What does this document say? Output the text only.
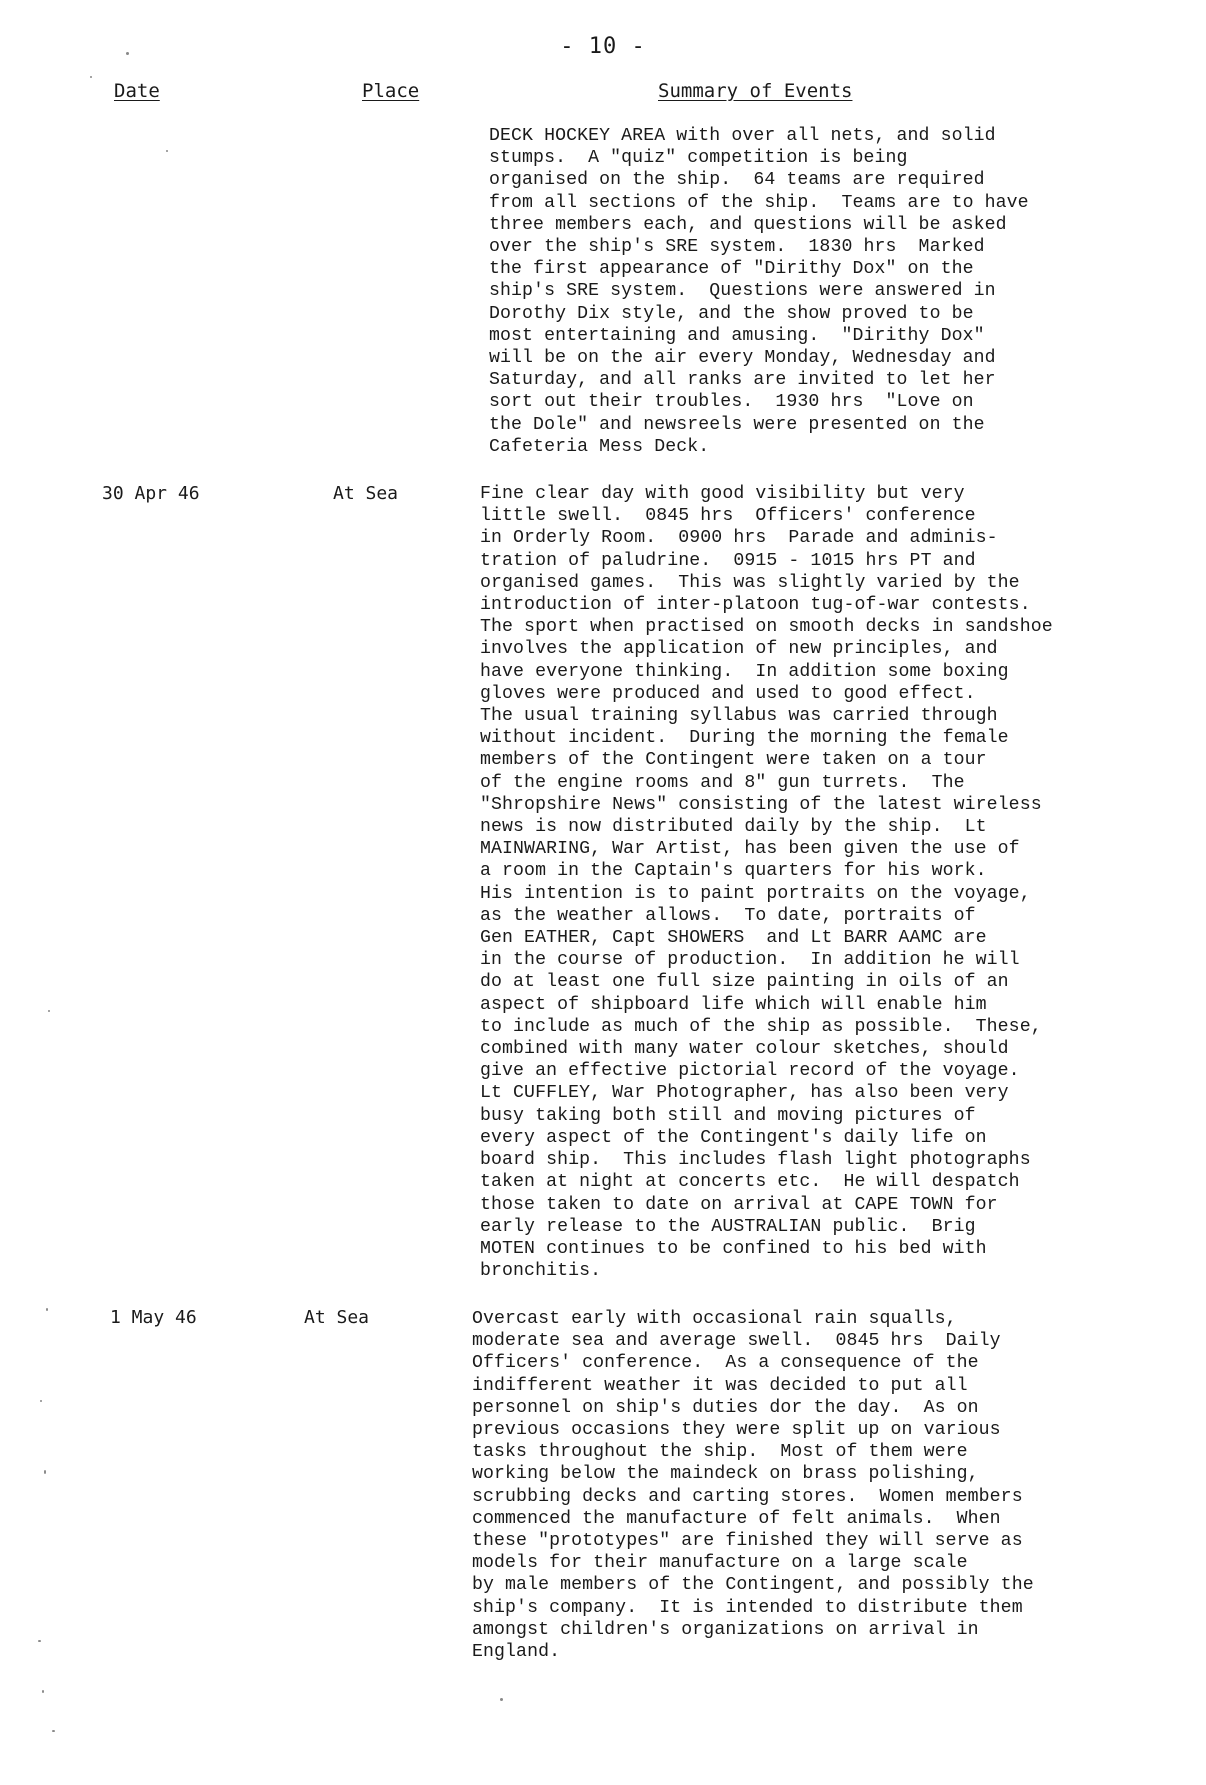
- 10 -
Date	Place	Summary of Events
DECK HOCKEY AREA with over all nets, and solid
stumps.  A "quiz" competition is being
organised on the ship.  64 teams are required
from all sections of the ship.  Teams are to have
three members each, and questions will be asked
over the ship's SRE system.  1830 hrs  Marked
the first appearance of "Dirithy Dox" on the
ship's SRE system.  Questions were answered in
Dorothy Dix style, and the show proved to be
most entertaining and amusing.  "Dirithy Dox"
will be on the air every Monday, Wednesday and
Saturday, and all ranks are invited to let her
sort out their troubles.  1930 hrs  "Love on
the Dole" and newsreels were presented on the
Cafeteria Mess Deck.
30 Apr 46	At Sea	Fine clear day with good visibility but very
little swell.  0845 hrs  Officers' conference
in Orderly Room.  0900 hrs  Parade and adminis-
tration of paludrine.  0915 - 1015 hrs PT and
organised games.  This was slightly varied by the
introduction of inter-platoon tug-of-war contests.
The sport when practised on smooth decks in sandshoe
involves the application of new principles, and
have everyone thinking.  In addition some boxing
gloves were produced and used to good effect.
The usual training syllabus was carried through
without incident.  During the morning the female
members of the Contingent were taken on a tour
of the engine rooms and 8" gun turrets.  The
"Shropshire News" consisting of the latest wireless
news is now distributed daily by the ship.  Lt
MAINWARING, War Artist, has been given the use of
a room in the Captain's quarters for his work.
His intention is to paint portraits on the voyage,
as the weather allows.  To date, portraits of
Gen EATHER, Capt SHOWERS  and Lt BARR AAMC are
in the course of production.  In addition he will
do at least one full size painting in oils of an
aspect of shipboard life which will enable him
to include as much of the ship as possible.  These,
combined with many water colour sketches, should
give an effective pictorial record of the voyage.
Lt CUFFLEY, War Photographer, has also been very
busy taking both still and moving pictures of
every aspect of the Contingent's daily life on
board ship.  This includes flash light photographs
taken at night at concerts etc.  He will despatch
those taken to date on arrival at CAPE TOWN for
early release to the AUSTRALIAN public.  Brig
MOTEN continues to be confined to his bed with
bronchitis.
1 May 46	At Sea	Overcast early with occasional rain squalls,
moderate sea and average swell.  0845 hrs  Daily
Officers' conference.  As a consequence of the
indifferent weather it was decided to put all
personnel on ship's duties dor the day.  As on
previous occasions they were split up on various
tasks throughout the ship.  Most of them were
working below the maindeck on brass polishing,
scrubbing decks and carting stores.  Women members
commenced the manufacture of felt animals.  When
these "prototypes" are finished they will serve as
models for their manufacture on a large scale
by male members of the Contingent, and possibly the
ship's company.  It is intended to distribute them
amongst children's organizations on arrival in
England.
